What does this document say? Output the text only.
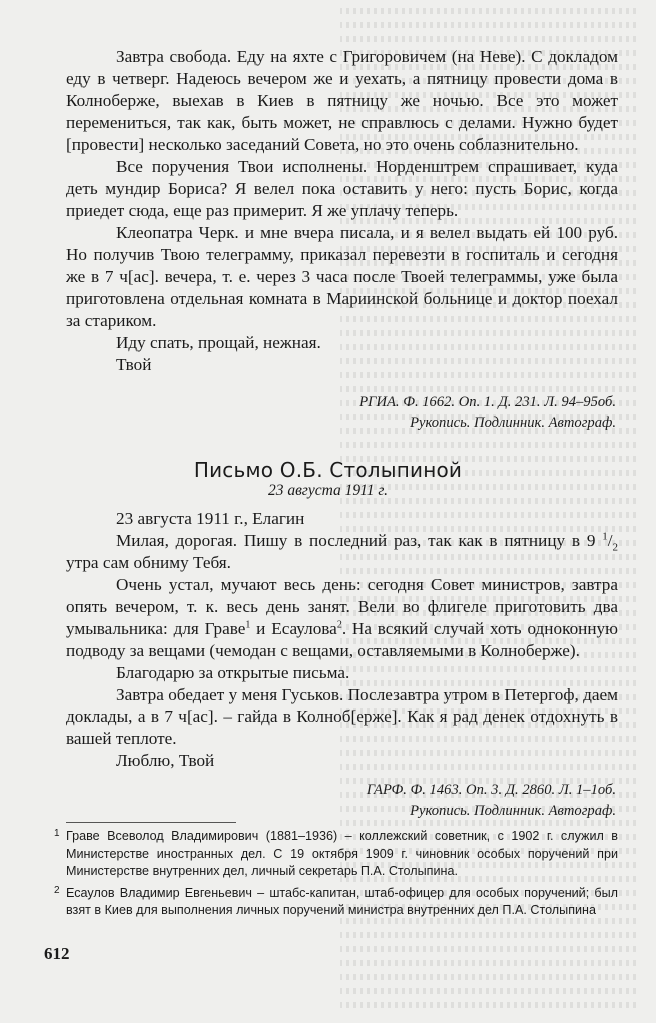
Завтра свобода. Еду на яхте с Григоровичем (на Неве). С докладом еду в четверг. Надеюсь вечером же и уехать, а пятницу провести дома в Колноберже, выехав в Киев в пятницу же ночью. Все это может перемениться, так как, быть может, не справлюсь с делами. Нужно будет [провести] несколько заседаний Совета, но это очень соблазнительно.

Все поручения Твои исполнены. Норденштрем спрашивает, куда деть мундир Бориса? Я велел пока оставить у него: пусть Борис, когда приедет сюда, еще раз примерит. Я же уплачу теперь.

Клеопатра Черк. и мне вчера писала, и я велел выдать ей 100 руб. Но получив Твою телеграмму, приказал перевезти в госпиталь и сегодня же в 7 ч[ас]. вечера, т. е. через 3 часа после Твоей телеграммы, уже была приготовлена отдельная комната в Мариинской больнице и доктор поехал за стариком.

Иду спать, прощай, нежная.

Твой

РГИА. Ф. 1662. Оп. 1. Д. 231. Л. 94–95об.
Рукопись. Подлинник. Автограф.
Письмо О.Б. Столыпиной
23 августа 1911 г.

23 августа 1911 г., Елагин

Милая, дорогая. Пишу в последний раз, так как в пятницу в 9 $^1/_2$ утра сам обниму Тебя.

Очень устал, мучают весь день: сегодня Совет министров, завтра опять вечером, т. к. весь день занят. Вели во флигеле приготовить два умывальника: для Граве$^1$ и Есаулова$^2$. На всякий случай хоть одноконную подводу за вещами (чемодан с вещами, оставляемыми в Колноберже).

Благодарю за открытые письма.

Завтра обедает у меня Гуськов. Послезавтра утром в Петергоф, даем доклады, а в 7 ч[ас]. – гайда в Колноб[ерже]. Как я рад денек отдохнуть в вашей теплоте.

Люблю, Твой

ГАРФ. Ф. 1463. Оп. 3. Д. 2860. Л. 1–1об.
Рукопись. Подлинник. Автограф.
1 Граве Всеволод Владимирович (1881–1936) – коллежский советник, с 1902 г. служил в Министерстве иностранных дел. С 19 октября 1909 г. чиновник особых поручений при Министерстве внутренних дел, личный секретарь П.А. Столыпина.
2 Есаулов Владимир Евгеньевич – штабс-капитан, штаб-офицер для особых поручений; был взят в Киев для выполнения личных поручений министра внутренних дел П.А. Столыпина
612
